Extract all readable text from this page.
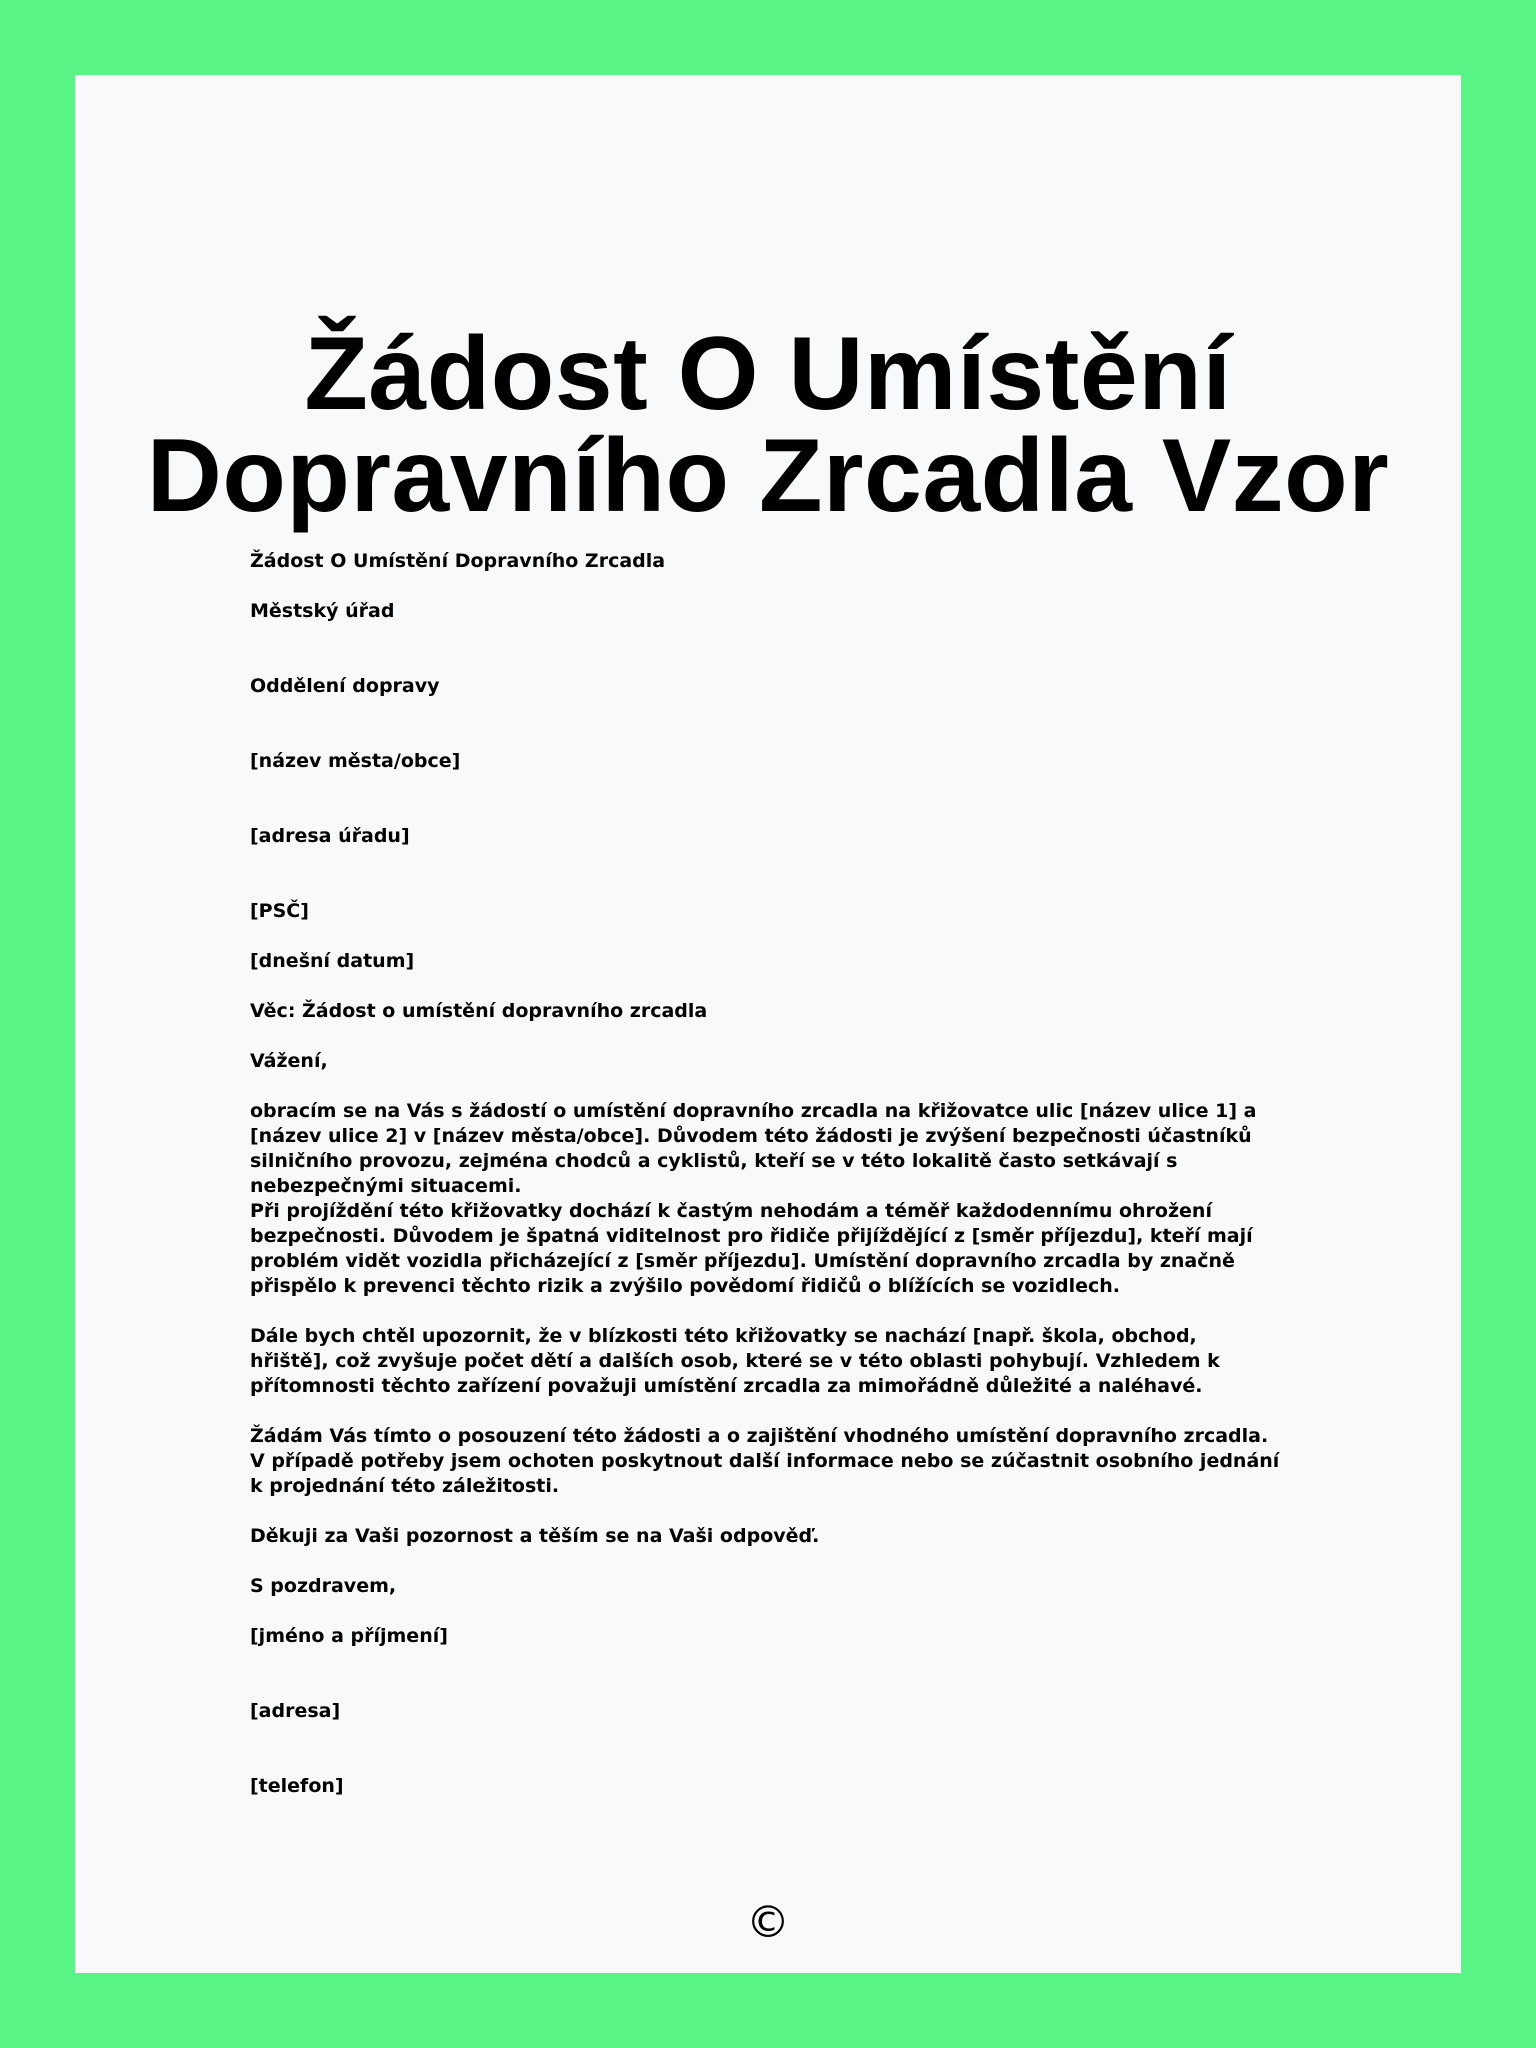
Žádost O Umístění
Dopravního Zrcadla Vzor

Žádost O Umístění Dopravního Zrcadla

Městský úřad

Oddělení dopravy

[název města/obce]

[adresa úřadu]

[PSČ]

[dnešní datum]

Věc: Žádost o umístění dopravního zrcadla

Vážení,

obracím se na Vás s žádostí o umístění dopravního zrcadla na křižovatce ulic [název ulice 1] a [název ulice 2] v [název města/obce]. Důvodem této žádosti je zvýšení bezpečnosti účastníků silničního provozu, zejména chodců a cyklistů, kteří se v této lokalitě často setkávají s nebezpečnými situacemi.

Při projíždění této křižovatky dochází k častým nehodám a téměř každodennímu ohrožení bezpečnosti. Důvodem je špatná viditelnost pro řidiče přijíždějící z [směr příjezdu], kteří mají problém vidět vozidla přicházející z [směr příjezdu]. Umístění dopravního zrcadla by značně přispělo k prevenci těchto rizik a zvýšilo povědomí řidičů o blížících se vozidlech.

Dále bych chtěl upozornit, že v blízkosti této křižovatky se nachází [např. škola, obchod, hřiště], což zvyšuje počet dětí a dalších osob, které se v této oblasti pohybují. Vzhledem k přítomnosti těchto zařízení považuji umístění zrcadla za mimořádně důležité a naléhavé.

Žádám Vás tímto o posouzení této žádosti a o zajištění vhodného umístění dopravního zrcadla. V případě potřeby jsem ochoten poskytnout další informace nebo se zúčastnit osobního jednání k projednání této záležitosti.

Děkuji za Vaši pozornost a těším se na Vaši odpověď.

S pozdravem,

[jméno a příjmení]

[adresa]

[telefon]

©
